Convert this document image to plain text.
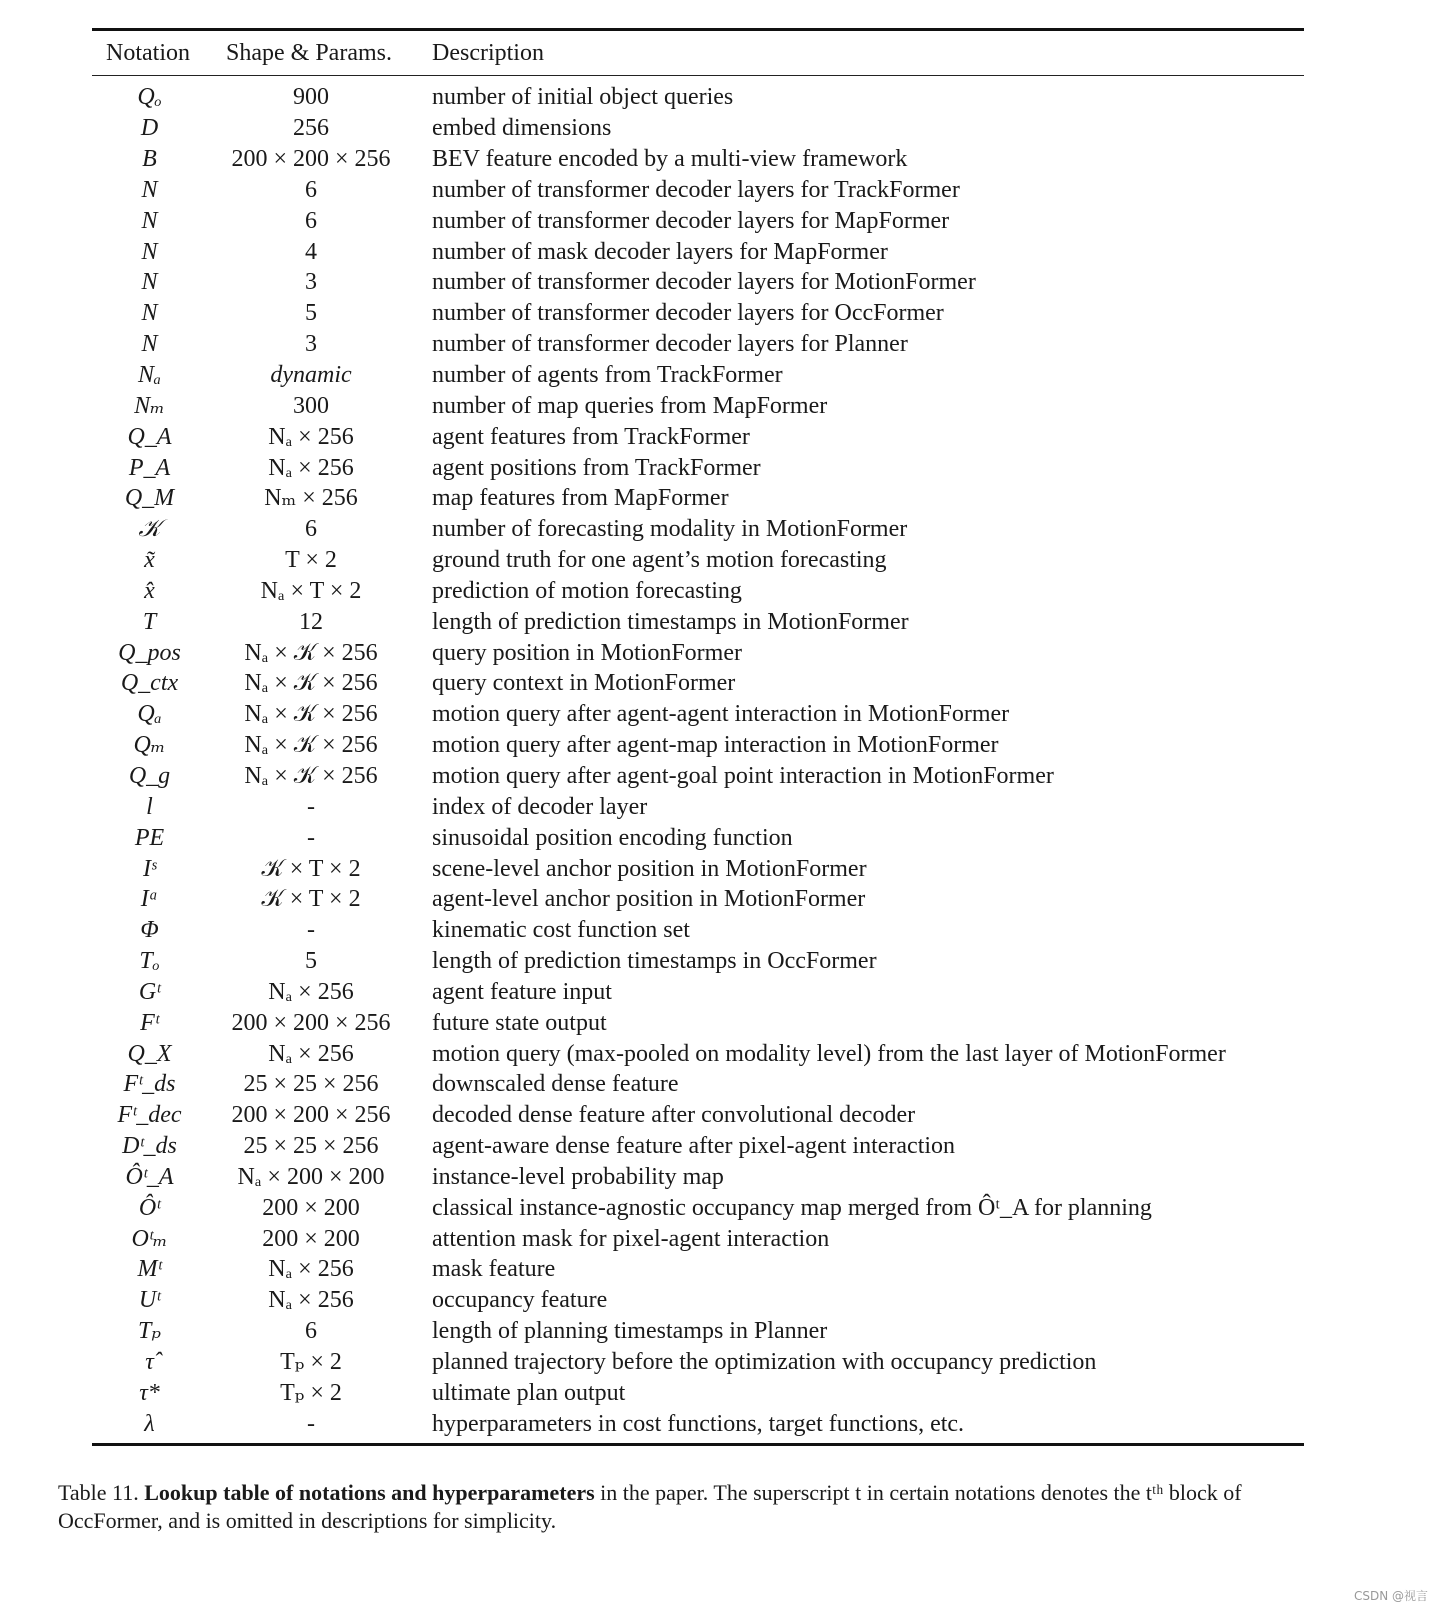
Notation	Shape & Params.	Description
Qₒ	900	number of initial object queries
D	256	embed dimensions
B	200 × 200 × 256	BEV feature encoded by a multi-view framework
N	6	number of transformer decoder layers for TrackFormer
N	6	number of transformer decoder layers for MapFormer
N	4	number of mask decoder layers for MapFormer
N	3	number of transformer decoder layers for MotionFormer
N	5	number of transformer decoder layers for OccFormer
N	3	number of transformer decoder layers for Planner
Nₐ	dynamic	number of agents from TrackFormer
Nₘ	300	number of map queries from MapFormer
Q_A	Nₐ × 256	agent features from TrackFormer
P_A	Nₐ × 256	agent positions from TrackFormer
Q_M	Nₘ × 256	map features from MapFormer
𝒦	6	number of forecasting modality in MotionFormer
x̃	T × 2	ground truth for one agent’s motion forecasting
x̂	Nₐ × T × 2	prediction of motion forecasting
T	12	length of prediction timestamps in MotionFormer
Q_pos	Nₐ × 𝒦 × 256	query position in MotionFormer
Q_ctx	Nₐ × 𝒦 × 256	query context in MotionFormer
Qₐ	Nₐ × 𝒦 × 256	motion query after agent-agent interaction in MotionFormer
Qₘ	Nₐ × 𝒦 × 256	motion query after agent-map interaction in MotionFormer
Q_g	Nₐ × 𝒦 × 256	motion query after agent-goal point interaction in MotionFormer
l	-	index of decoder layer
PE	-	sinusoidal position encoding function
Iˢ	𝒦 × T × 2	scene-level anchor position in MotionFormer
Iᵃ	𝒦 × T × 2	agent-level anchor position in MotionFormer
Φ	-	kinematic cost function set
Tₒ	5	length of prediction timestamps in OccFormer
Gᵗ	Nₐ × 256	agent feature input
Fᵗ	200 × 200 × 256	future state output
Q_X	Nₐ × 256	motion query (max-pooled on modality level) from the last layer of MotionFormer
Fᵗ_ds	25 × 25 × 256	downscaled dense feature
Fᵗ_dec	200 × 200 × 256	decoded dense feature after convolutional decoder
Dᵗ_ds	25 × 25 × 256	agent-aware dense feature after pixel-agent interaction
Ôᵗ_A	Nₐ × 200 × 200	instance-level probability map
Ôᵗ	200 × 200	classical instance-agnostic occupancy map merged from Ôᵗ_A for planning
Oᵗₘ	200 × 200	attention mask for pixel-agent interaction
Mᵗ	Nₐ × 256	mask feature
Uᵗ	Nₐ × 256	occupancy feature
Tₚ	6	length of planning timestamps in Planner
τ̂	Tₚ × 2	planned trajectory before the optimization with occupancy prediction
τ*	Tₚ × 2	ultimate plan output
λ	-	hyperparameters in cost functions, target functions, etc.
Table 11. Lookup table of notations and hyperparameters in the paper. The superscript t in certain notations denotes the tᵗʰ block of
OccFormer, and is omitted in descriptions for simplicity.
CSDN @视言
